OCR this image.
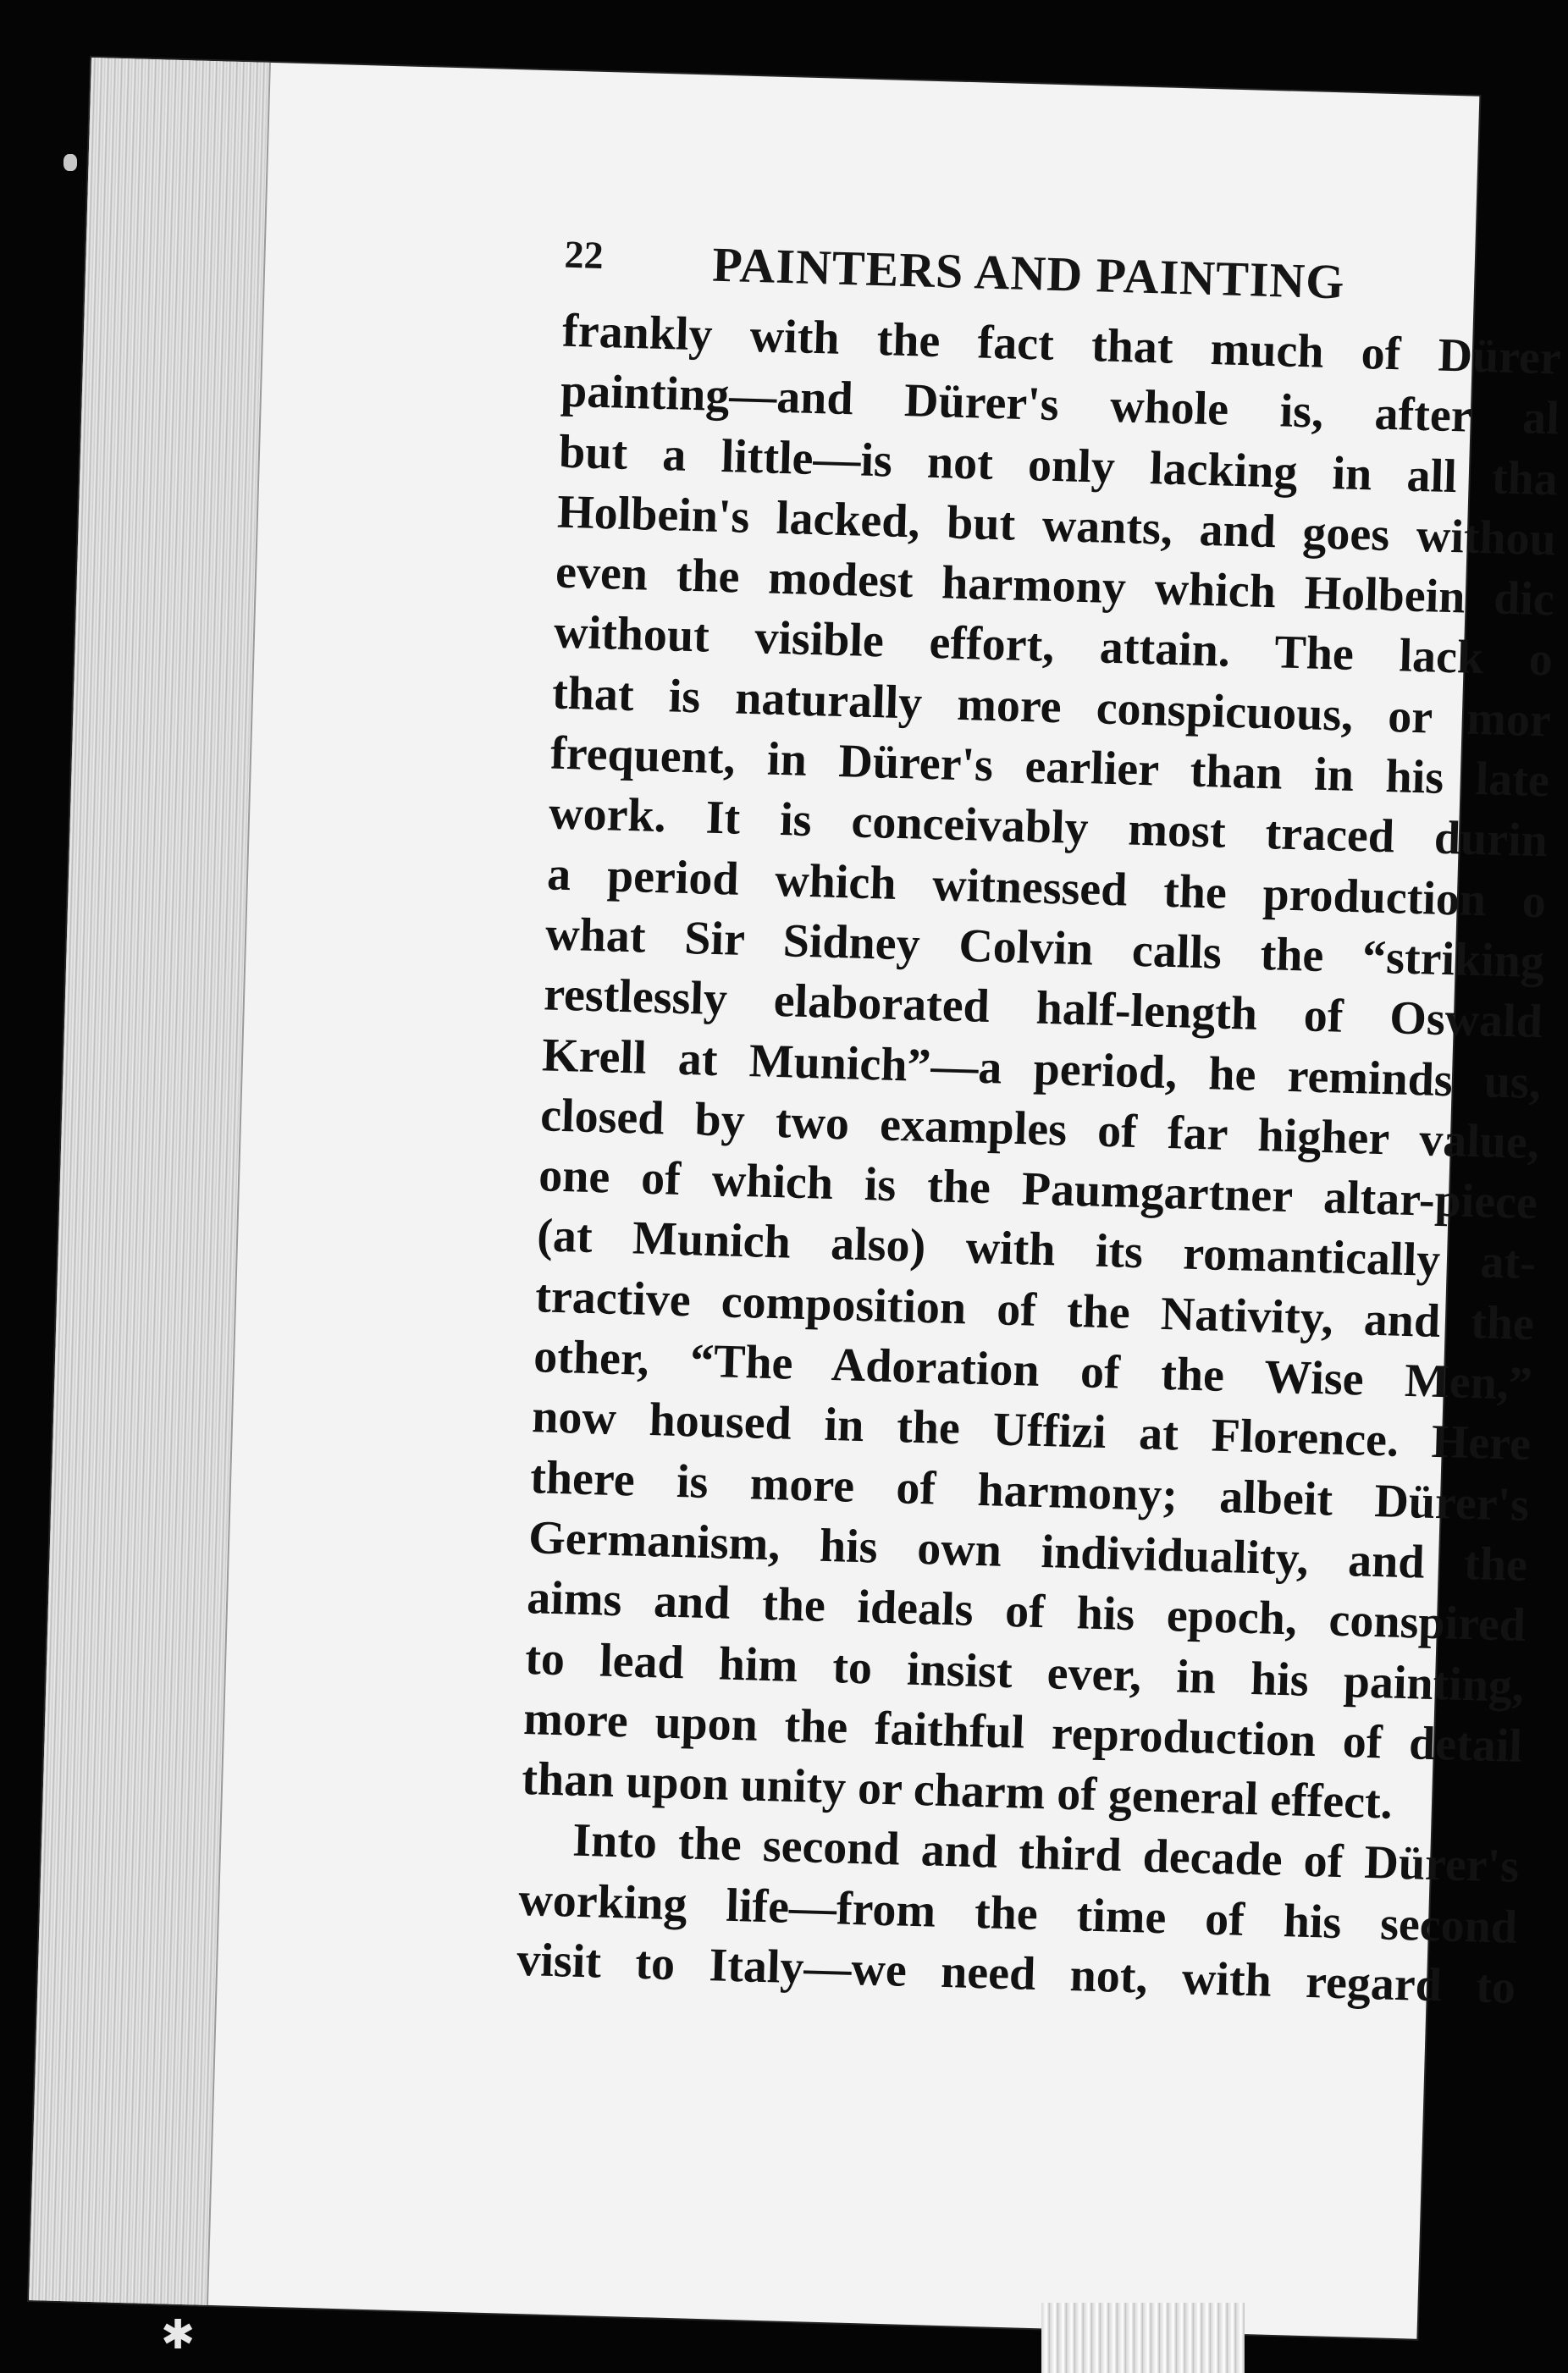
22 PAINTERS AND PAINTING
frankly with the fact that much of Dürer
painting—and Dürer's whole is, after al
but a little—is not only lacking in all tha
Holbein's lacked, but wants, and goes withou
even the modest harmony which Holbein dic
without visible effort, attain. The lack o
that is naturally more conspicuous, or mor
frequent, in Dürer's earlier than in his late
work. It is conceivably most traced durin
a period which witnessed the production o
what Sir Sidney Colvin calls the “striking
restlessly elaborated half-length of Oswald
Krell at Munich”—a period, he reminds us,
closed by two examples of far higher value,
one of which is the Paumgartner altar-piece
(at Munich also) with its romantically at-
tractive composition of the Nativity, and the
other, “The Adoration of the Wise Men,”
now housed in the Uffizi at Florence. Here
there is more of harmony; albeit Dürer's
Germanism, his own individuality, and the
aims and the ideals of his epoch, conspired
to lead him to insist ever, in his painting,
more upon the faithful reproduction of detail
than upon unity or charm of general effect.
Into the second and third decade of Dürer's
working life—from the time of his second
visit to Italy—we need not, with regard to
✱
